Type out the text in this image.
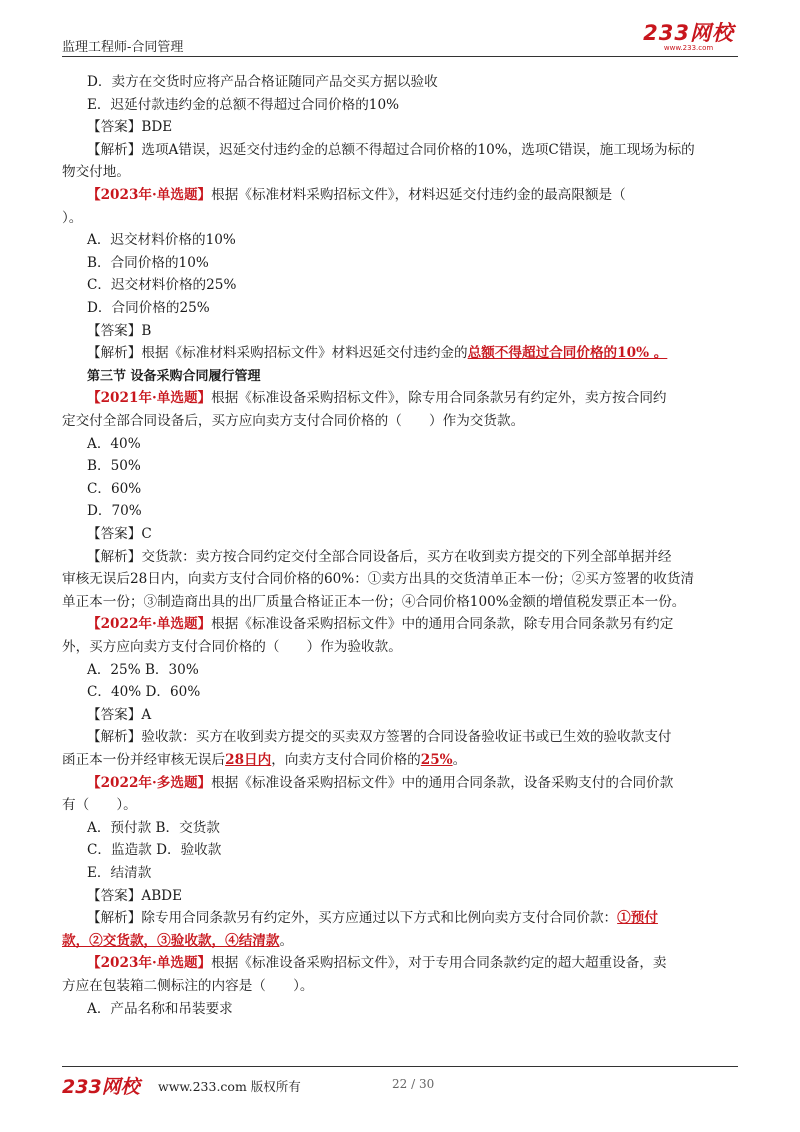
监理工程师-合同管理
233网校
www.233.com
D．卖方在交货时应将产品合格证随同产品交买方据以验收
E．迟延付款违约金的总额不得超过合同价格的10%
【答案】BDE
【解析】选项A错误，迟延交付违约金的总额不得超过合同价格的10%，选项C错误，施工现场为标的
物交付地。
【2023年·单选题】根据《标准材料采购招标文件》，材料迟延交付违约金的最高限额是（
）。
A．迟交材料价格的10%
B．合同价格的10%
C．迟交材料价格的25%
D．合同价格的25%
【答案】B
【解析】根据《标准材料采购招标文件》材料迟延交付违约金的总额不得超过合同价格的10% 。
第三节 设备采购合同履行管理
【2021年·单选题】根据《标准设备采购招标文件》，除专用合同条款另有约定外，卖方按合同约
定交付全部合同设备后，买方应向卖方支付合同价格的（　　）作为交货款。
A．40%
B．50%
C．60%
D．70%
【答案】C
【解析】交货款：卖方按合同约定交付全部合同设备后，买方在收到卖方提交的下列全部单据并经
审核无误后28日内，向卖方支付合同价格的60%：①卖方出具的交货清单正本一份；②买方签署的收货清
单正本一份；③制造商出具的出厂质量合格证正本一份；④合同价格100%金额的增值税发票正本一份。
【2022年·单选题】根据《标准设备采购招标文件》中的通用合同条款，除专用合同条款另有约定
外，买方应向卖方支付合同价格的（　　）作为验收款。
A．25% B．30%
C．40% D．60%
【答案】A
【解析】验收款：买方在收到卖方提交的买卖双方签署的合同设备验收证书或已生效的验收款支付
函正本一份并经审核无误后28日内，向卖方支付合同价格的25%。
【2022年·多选题】根据《标准设备采购招标文件》中的通用合同条款，设备采购支付的合同价款
有（　　）。
A．预付款 B．交货款
C．监造款 D．验收款
E．结清款
【答案】ABDE
【解析】除专用合同条款另有约定外，买方应通过以下方式和比例向卖方支付合同价款：①预付
款，②交货款，③验收款，④结清款。
【2023年·单选题】根据《标准设备采购招标文件》，对于专用合同条款约定的超大超重设备，卖
方应在包装箱二侧标注的内容是（　　）。
A．产品名称和吊装要求
233网校 www.233.com 版权所有	22 / 30
